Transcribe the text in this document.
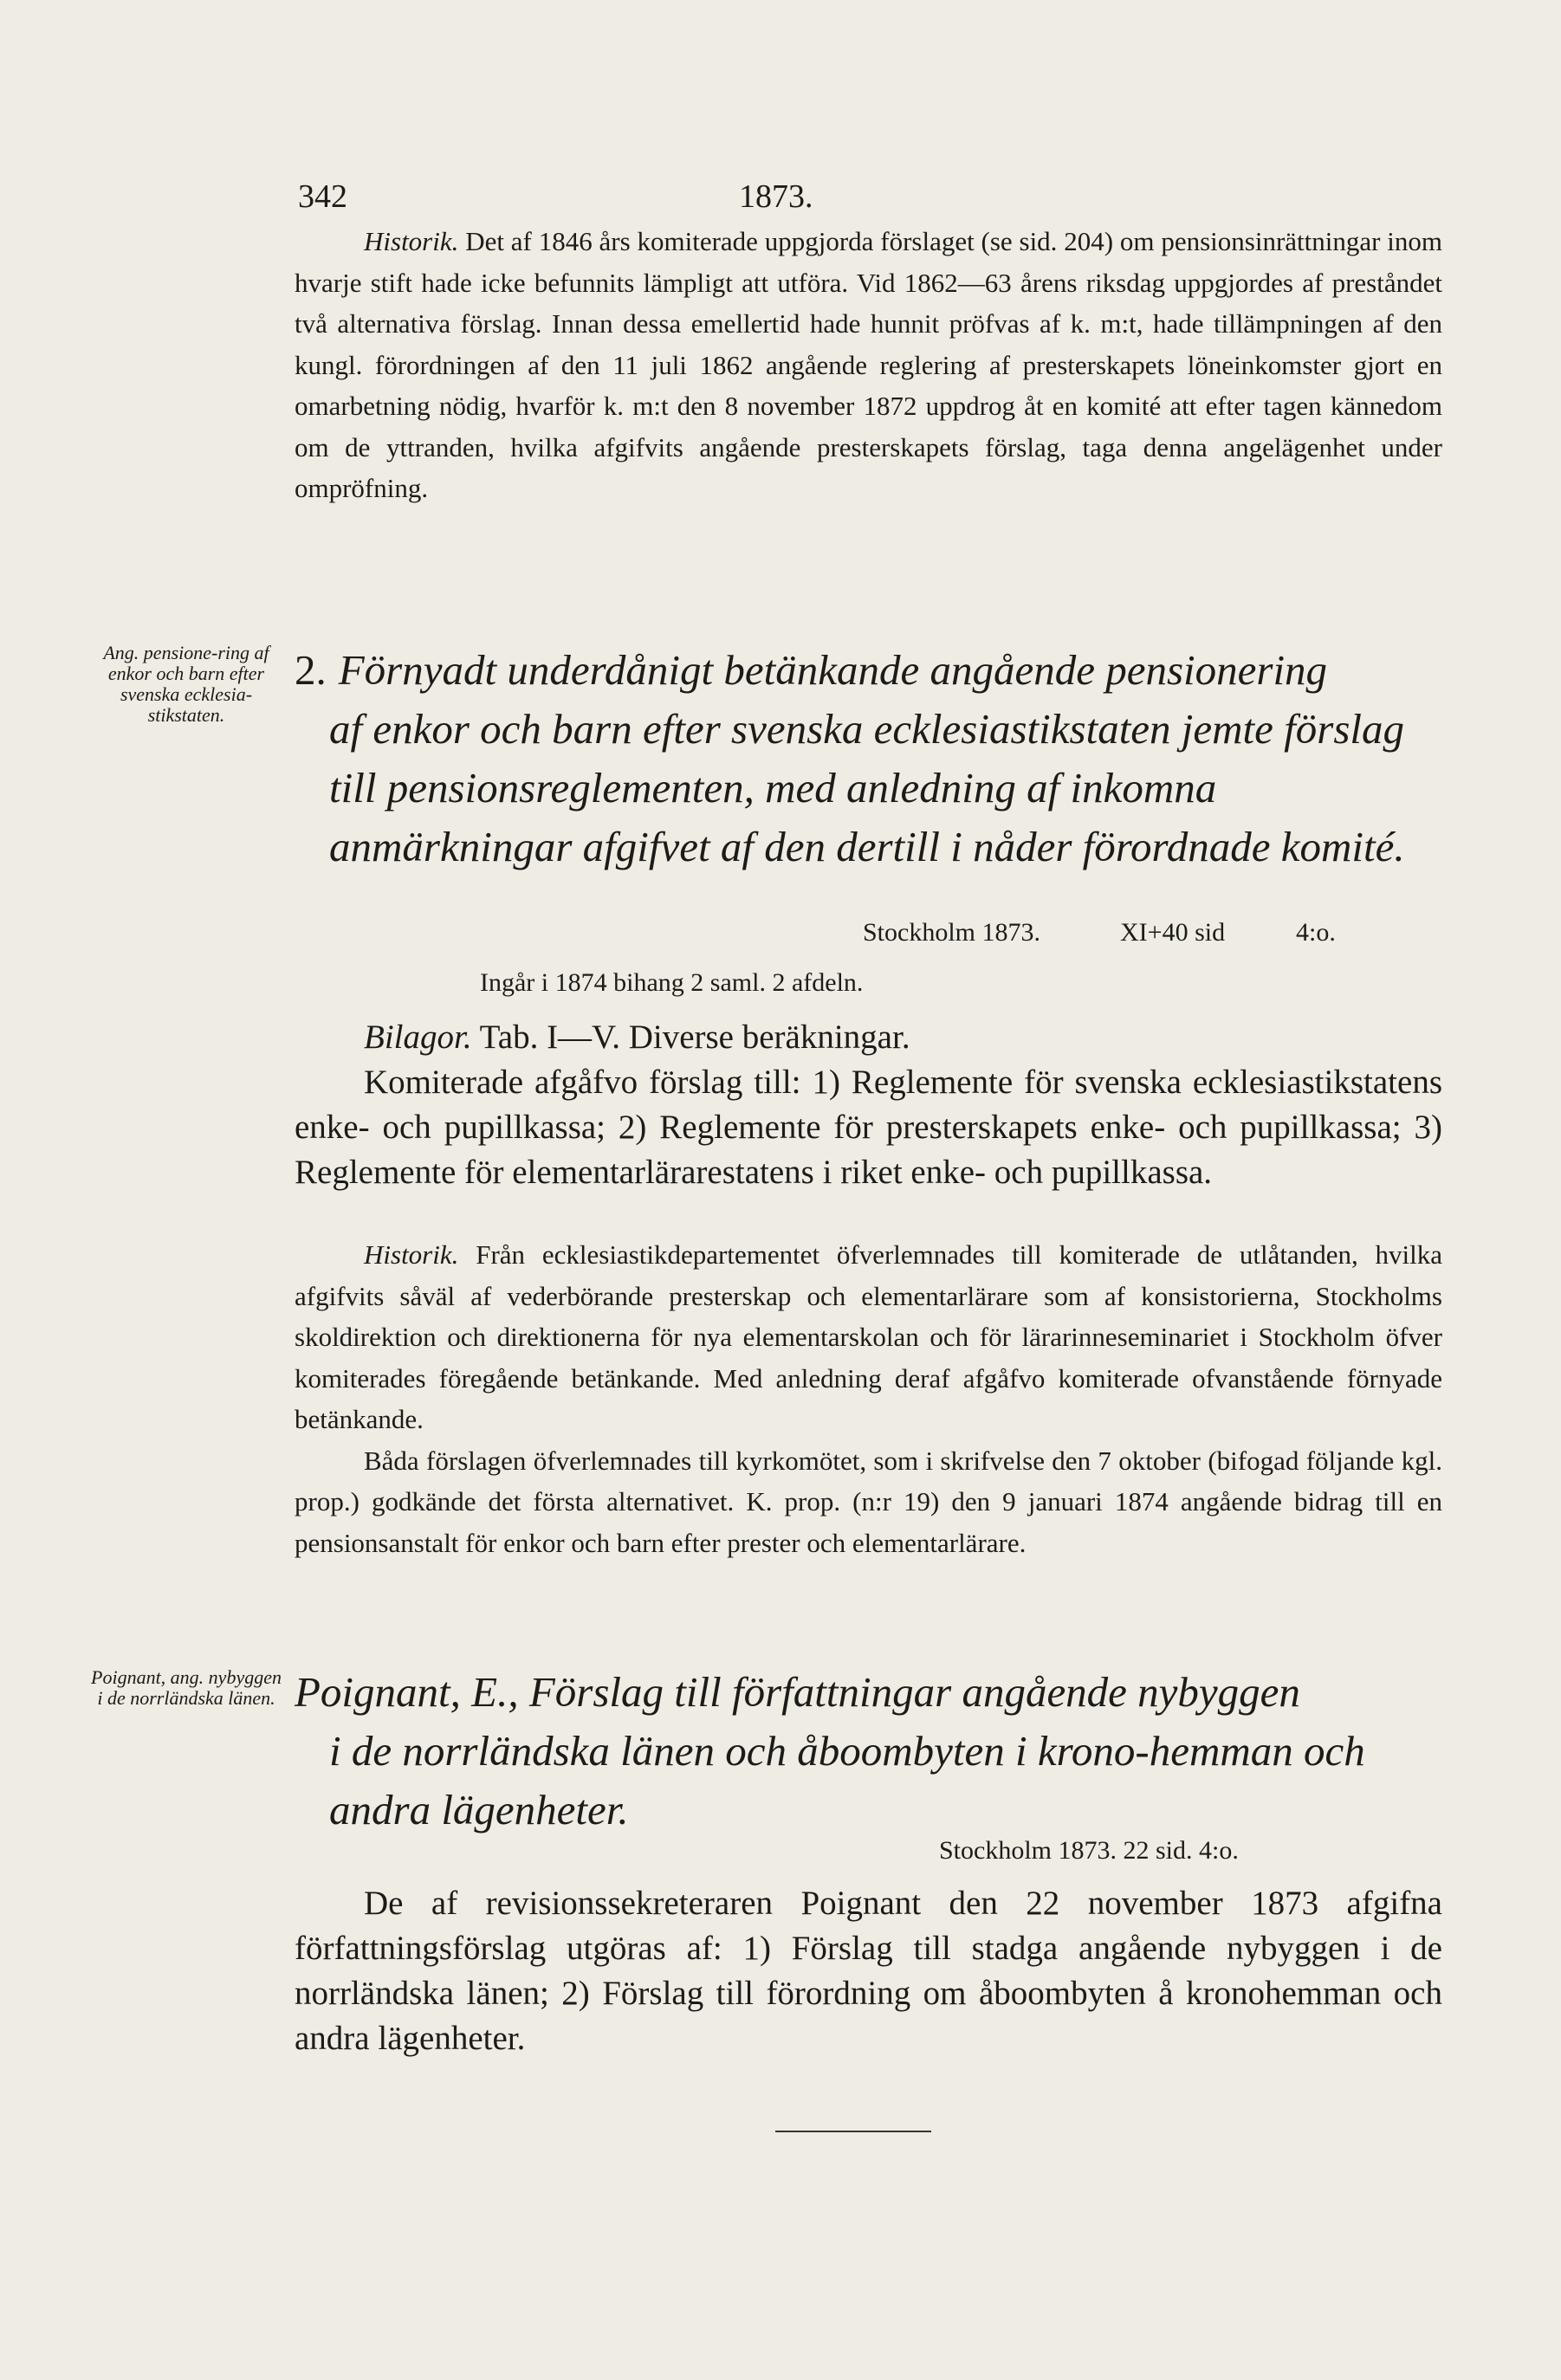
342	1873.

Historik. Det af 1846 års komiterade uppgjorda förslaget (se sid. 204) om pensionsinrättningar inom hvarje stift hade icke befunnits lämpligt att utföra. Vid 1862—63 årens riksdag uppgjordes af preståndet två alternativa förslag. Innan dessa emellertid hade hunnit pröfvas af k. m:t, hade tillämpningen af den kungl. förordningen af den 11 juli 1862 angående reglering af presterskapets löneinkomster gjort en omarbetning nödig, hvarför k. m:t den 8 november 1872 uppdrog åt en komité att efter tagen kännedom om de yttranden, hvilka afgifvits angående presterskapets förslag, taga denna angelägenhet under ompröfning.

Ang. pensione-ring af enkor och barn efter svenska ecklesia-stikstaten.
2. Förnyadt underdånigt betänkande angående pensionering
af enkor och barn efter svenska ecklesiastikstaten jemte förslag till pensionsreglementen, med anledning af inkomna anmärkningar afgifvet af den dertill i nåder förordnade komité.
Stockholm 1873.	XI+40 sid	4:o.
Ingår i 1874 bihang 2 saml. 2 afdeln.

Bilagor. Tab. I—V. Diverse beräkningar.

Komiterade afgåfvo förslag till: 1) Reglemente för svenska ecklesiastikstatens enke- och pupillkassa; 2) Reglemente för presterskapets enke- och pupillkassa; 3) Reglemente för elementarlärarestatens i riket enke- och pupillkassa.

Historik. Från ecklesiastikdepartementet öfverlemnades till komiterade de utlåtanden, hvilka afgifvits såväl af vederbörande presterskap och elementarlärare som af konsistorierna, Stockholms skoldirektion och direktionerna för nya elementarskolan och för lärarinneseminariet i Stockholm öfver komiterades föregående betänkande. Med anledning deraf afgåfvo komiterade ofvanstående förnyade betänkande.

Båda förslagen öfverlemnades till kyrkomötet, som i skrifvelse den 7 oktober (bifogad följande kgl. prop.) godkände det första alternativet. K. prop. (n:r 19) den 9 januari 1874 angående bidrag till en pensionsanstalt för enkor och barn efter prester och elementarlärare.

Poignant, ang. nybyggen i de norrländska länen. Poignant, E., Förslag till författningar angående nybyggen
i de norrländska länen och åboombyten i krono-hemman och andra lägenheter.
Stockholm 1873. 22 sid. 4:o.

De af revisionssekreteraren Poignant den 22 november 1873 afgifna författningsförslag utgöras af: 1) Förslag till stadga angående nybyggen i de norrländska länen; 2) Förslag till förordning om åboombyten å kronohemman och andra lägenheter.
